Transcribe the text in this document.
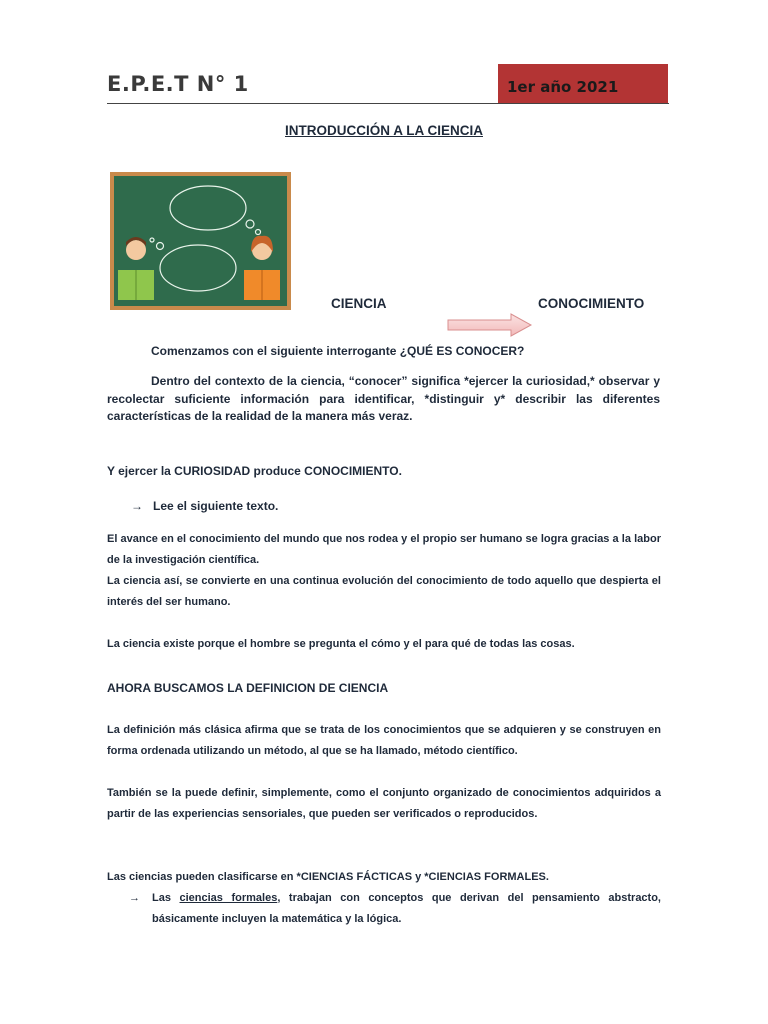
E.P.E.T N° 1	1er año 2021
INTRODUCCIÓN A LA CIENCIA
CIENCIA	CONOCIMIENTO

Comenzamos con el siguiente interrogante ¿QUÉ ES CONOCER?

Dentro del contexto de la ciencia, “conocer” significa *ejercer la curiosidad,* observar y recolectar suficiente información para identificar, *distinguir y* describir las diferentes características de la realidad de la manera más veraz.

Y ejercer la CURIOSIDAD produce CONOCIMIENTO.

→ Lee el siguiente texto.

El avance en el conocimiento del mundo que nos rodea y el propio ser humano se logra gracias a la labor de la investigación científica.

La ciencia así, se convierte en una continua evolución del conocimiento de todo aquello que despierta el interés del ser humano.

La ciencia existe porque el hombre se pregunta el cómo y el para qué de todas las cosas.

AHORA BUSCAMOS LA DEFINICION DE CIENCIA

La definición más clásica afirma que se trata de los conocimientos que se adquieren y se construyen en forma ordenada utilizando un método, al que se ha llamado, método científico.

También se la puede definir, simplemente, como el conjunto organizado de conocimientos adquiridos a partir de las experiencias sensoriales, que pueden ser verificados o reproducidos.

Las ciencias pueden clasificarse en *CIENCIAS FÁCTICAS y *CIENCIAS FORMALES.

→	Las ciencias formales, trabajan con conceptos que derivan del pensamiento abstracto, básicamente incluyen la matemática y la lógica.
